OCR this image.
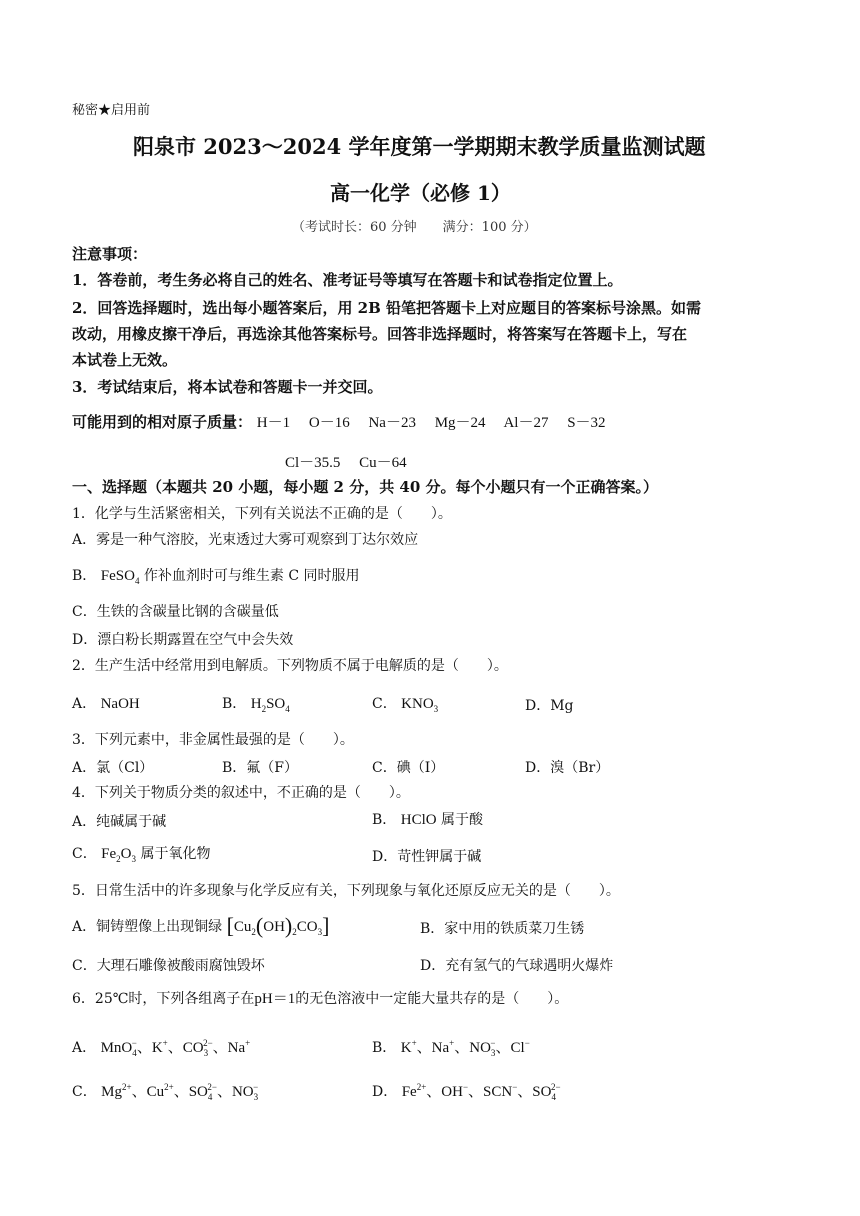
秘密★启用前
阳泉市 2023～2024 学年度第一学期期末教学质量监测试题
高一化学（必修 1）
（考试时长：60 分钟　　满分：100 分）
注意事项：
1．答卷前，考生务必将自己的姓名、准考证号等填写在答题卡和试卷指定位置上。
2．回答选择题时，选出每小题答案后，用 2B 铅笔把答题卡上对应题目的答案标号涂黑。如需
改动，用橡皮擦干净后，再选涂其他答案标号。回答非选择题时，将答案写在答题卡上，写在
本试卷上无效。
3．考试结束后，将本试卷和答题卡一并交回。
可能用到的相对原子质量： H－1　 O－16　 Na－23　 Mg－24　 Al－27　 S－32
Cl－35.5　 Cu－64
一、选择题（本题共 20 小题，每小题 2 分，共 40 分。每个小题只有一个正确答案。）
1．化学与生活紧密相关，下列有关说法不正确的是（　　）。
A．雾是一种气溶胶，光束透过大雾可观察到丁达尔效应
B． FeSO$_4$ 作补血剂时可与维生素 C 同时服用
C．生铁的含碳量比钢的含碳量低
D．漂白粉长期露置在空气中会失效
2．生产生活中经常用到电解质。下列物质不属于电解质的是（　　）。
A． NaOH	B． $H_2SO_4$	C． $KNO_3$	D．Mg
3．下列元素中，非金属性最强的是（　　）。
A．氯（Cl）	B．氟（F）	C．碘（I）	D．溴（Br）
4．下列关于物质分类的叙述中，不正确的是（　　）。
A．纯碱属于碱	B． HClO 属于酸
C． $Fe_2O_3$ 属于氧化物	D．苛性钾属于碱
5．日常生活中的许多现象与化学反应有关，下列现象与氧化还原反应无关的是（　　）。
A．铜铸塑像上出现铜绿 $[Cu_2(OH)_2CO_3]$	B．家中用的铁质菜刀生锈
C．大理石雕像被酸雨腐蚀毁坏	D．充有氢气的气球遇明火爆炸
6．25℃时，下列各组离子在pH＝1的无色溶液中一定能大量共存的是（　　）。
A． MnO$_4$−、K+、$CO_3^{2-}$、Na+	B． K+、Na+、$NO_3^-$、Cl−
C． $Mg^{2+}$、$Cu^{2+}$、$SO_4^{2-}$、$NO_3^-$	D． $Fe^{2+}$、OH−、SCN−、$SO_4^{2-}$
